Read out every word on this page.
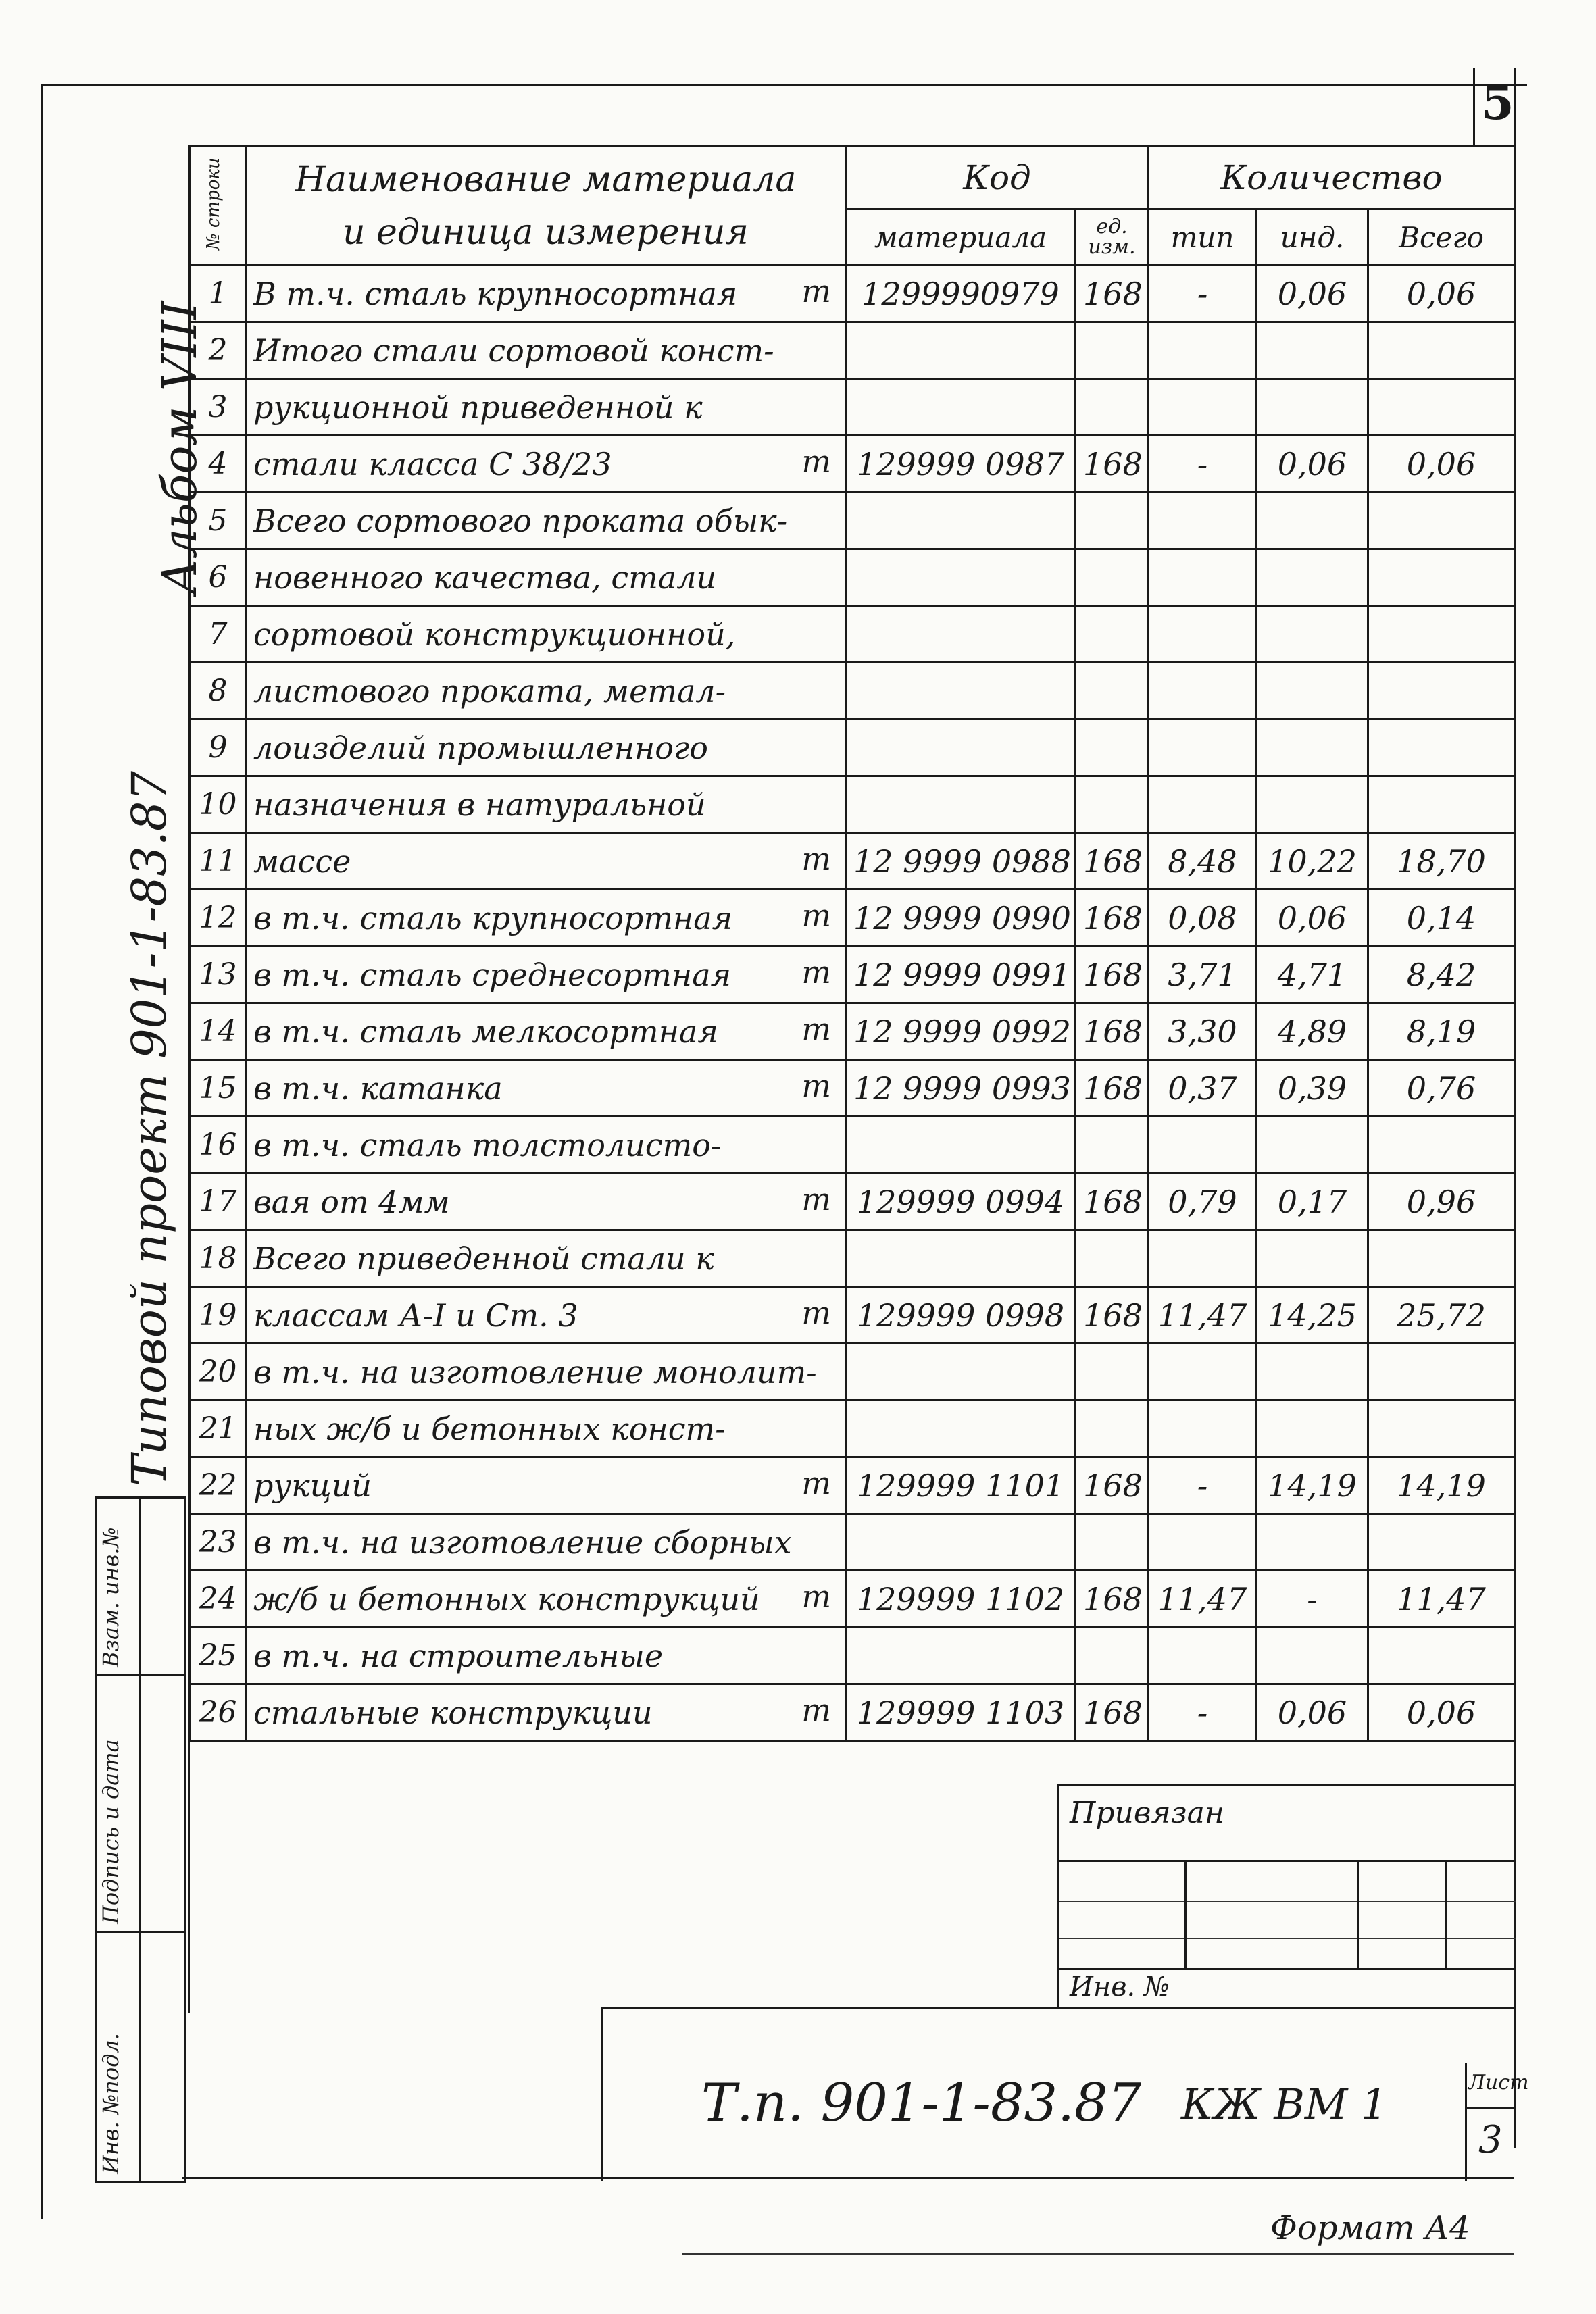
5
Альбом VIII
Типовой проект 901-1-83.87
Взам. инв.№
Подпись и дата
Инв. №подл.
№ строки	Наименование материала
и единица измерения	Код		Количество		
		материала	ед. изм.	тип	инд.	Всего
1	В т.ч. сталь крупносортная т	1299990979	168	-	0,06	0,06
2	Итого стали сортовой конст-

3	рукционной приведенной к

4	стали класса С 38/23 т	129999 0987	168	-	0,06	0,06
5	Всего сортового проката обык-

6	новенного качества, стали

7	сортовой конструкционной,

8	листового проката, метал-

9	лоизделий промышленного

10	назначения в натуральной

11	массе т	12 9999 0988	168	8,48	10,22	18,70
12	в т.ч. сталь крупносортная т	12 9999 0990	168	0,08	0,06	0,14
13	в т.ч. сталь среднесортная т	12 9999 0991	168	3,71	4,71	8,42
14	в т.ч. сталь мелкосортная т	12 9999 0992	168	3,30	4,89	8,19
15	в т.ч. катанка т	12 9999 0993	168	0,37	0,39	0,76
16	в т.ч. сталь толстолисто-

17	вая от 4мм т	129999 0994	168	0,79	0,17	0,96
18	Всего приведенной стали к

19	классам А-I и Ст. 3 т	129999 0998	168	11,47	14,25	25,72
20	в т.ч. на изготовление монолит-

21	ных ж/б и бетонных конст-

22	рукций т	129999 1101	168	-	14,19	14,19
23	в т.ч. на изготовление сборных

24	ж/б и бетонных конструкций т	129999 1102	168	11,47	-	11,47
25	в т.ч. на строительные

26	стальные конструкции т	129999 1103	168	-	0,06	0,06
Привязан
Инв. №
Т.п. 901-1-83.87 КЖ ВМ 1	Лист
3
Формат А4
